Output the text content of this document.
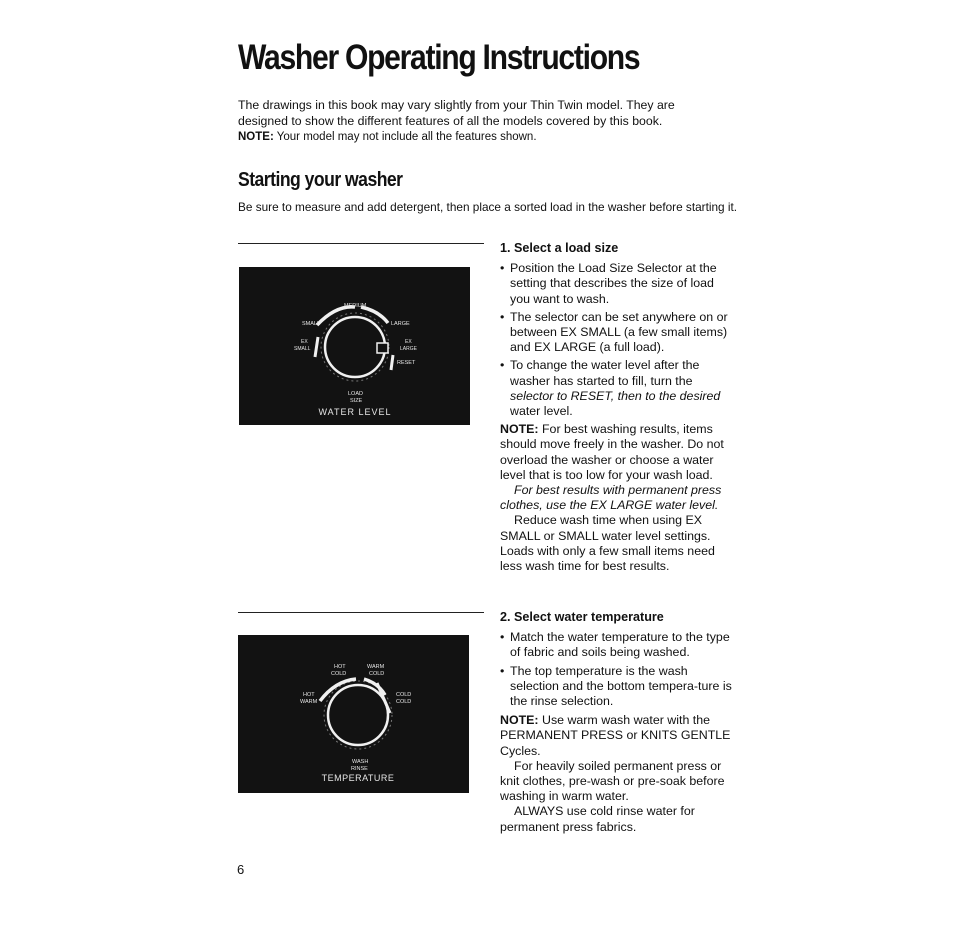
Washer Operating Instructions

The drawings in this book may vary slightly from your Thin Twin model. They are designed to show the different features of all the models covered by this book.

NOTE: Your model may not include all the features shown.

Starting your washer

Be sure to measure and add detergent, then place a sorted load in the washer before starting it.

MEDIUM
SMALL	LARGE
EX
SMALL
EX
LARGE
RESET
LOAD
SIZE
WATER LEVEL
HOT
COLD
WARM
COLD
HOT
WARM
COLD
COLD
WASH
RINSE
TEMPERATURE
1. Select a load size
• Position the Load Size Selector at the setting that describes the size of load you want to wash.
• The selector can be set anywhere on or between EX SMALL (a few small items) and EX LARGE (a full load).
• To change the water level after the washer has started to fill, turn the selector to RESET, then to the desired water level.

NOTE: For best washing results, items should move freely in the washer. Do not overload the washer or choose a water level that is too low for your wash load.

For best results with permanent press clothes, use the EX LARGE water level.

Reduce wash time when using EX SMALL or SMALL water level settings. Loads with only a few small items need less wash time for best results.

2. Select water temperature
• Match the water temperature to the type of fabric and soils being washed.
• The top temperature is the wash selection and the bottom tempera-ture is the rinse selection.

NOTE: Use warm wash water with the PERMANENT PRESS or KNITS GENTLE Cycles.

For heavily soiled permanent press or knit clothes, pre-wash or pre-soak before washing in warm water.

ALWAYS use cold rinse water for permanent press fabrics.

6
